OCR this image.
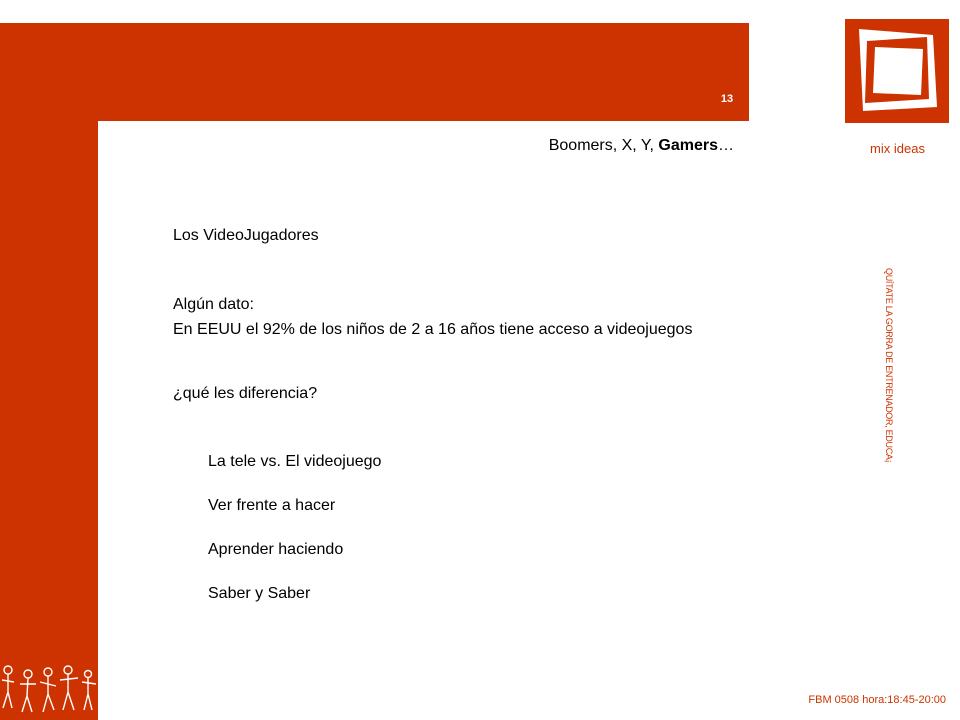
13
mix ideas
Boomers, X, Y, Gamers…
QUÍTATE LA GORRA DE ENTRENADOR, EDUCA¡
Los VideoJugadores
Algún dato:
En EEUU el 92% de los niños de 2 a 16 años tiene acceso a videojuegos
¿qué les diferencia?
La tele vs. El videojuego
Ver frente a hacer
Aprender haciendo
Saber y Saber
FBM 0508 hora:18:45-20:00
